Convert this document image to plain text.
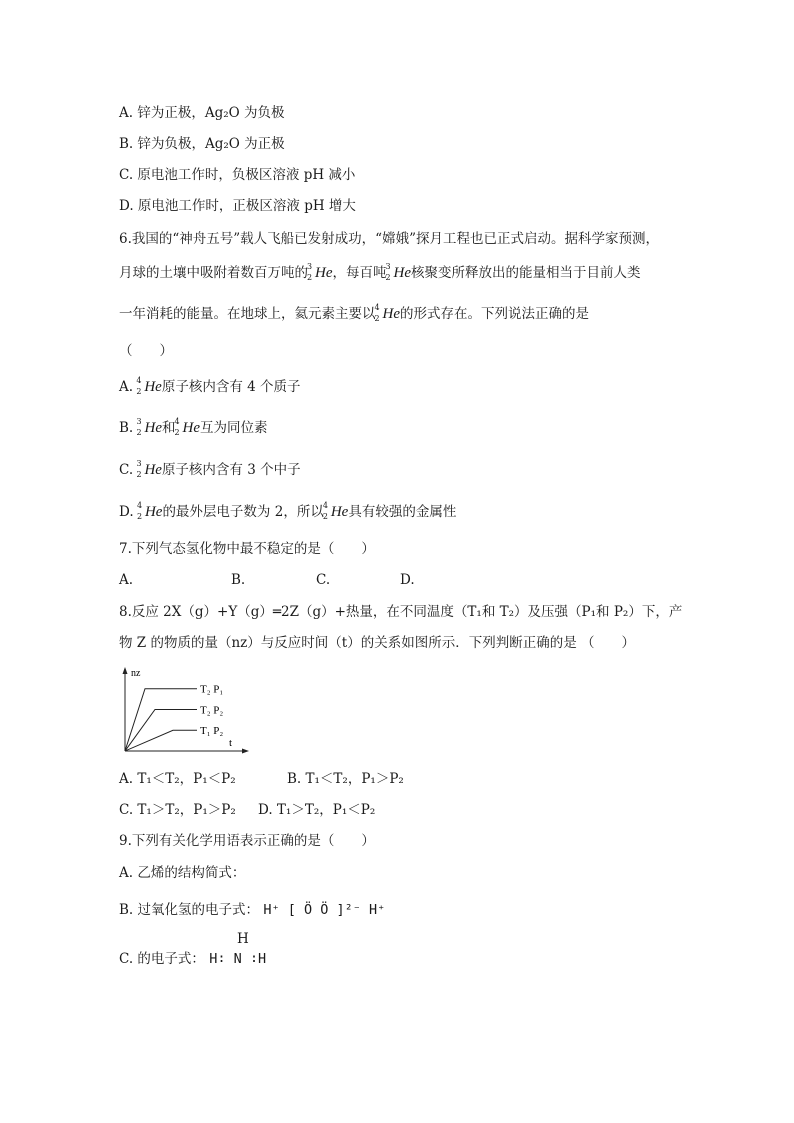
A. 锌为正极，Ag₂O 为负极
B. 锌为负极，Ag₂O 为正极
C. 原电池工作时，负极区溶液 pH 减小
D. 原电池工作时，正极区溶液 pH 增大
6.我国的“神舟五号”载人飞船已发射成功，“嫦娥”探月工程也已正式启动。据科学家预测，
月球的土壤中吸附着数百万吨的 3
2 He，每百吨 3
2 He核聚变所释放出的能量相当于目前人类
一年消耗的能量。在地球上，氦元素主要以 4
2 He的形式存在。下列说法正确的是
（　　）
A. 4
2 He原子核内含有 4 个质子
B. 3
2 He和 4
2 He互为同位素
C. 3
2 He原子核内含有 3 个中子
D. 4
2 He的最外层电子数为 2，所以 4
2 He具有较强的金属性
7.下列气态氢化物中最不稳定的是（　　）
A.	B.	C.	D.
8.反应 2X（g）+Y（g）═2Z（g）+热量，在不同温度（T₁和 T₂）及压强（P₁和 P₂）下，产
物 Z 的物质的量（nz）与反应时间（t）的关系如图所示．下列判断正确的是 （　　）
nz
t
T₂ P₁
T₂ P₂
T₁ P₂
A. T₁＜T₂，P₁＜P₂	B. T₁＜T₂，P₁＞P₂
C. T₁＞T₂，P₁＞P₂ D. T₁＞T₂，P₁＜P₂
9.下列有关化学用语表示正确的是（　　）
A. 乙烯的结构简式：
B. 过氧化氢的电子式： H⁺ [ Ö Ö ]²⁻ H⁺
H
C. 的电子式： H∶ N ∶H
